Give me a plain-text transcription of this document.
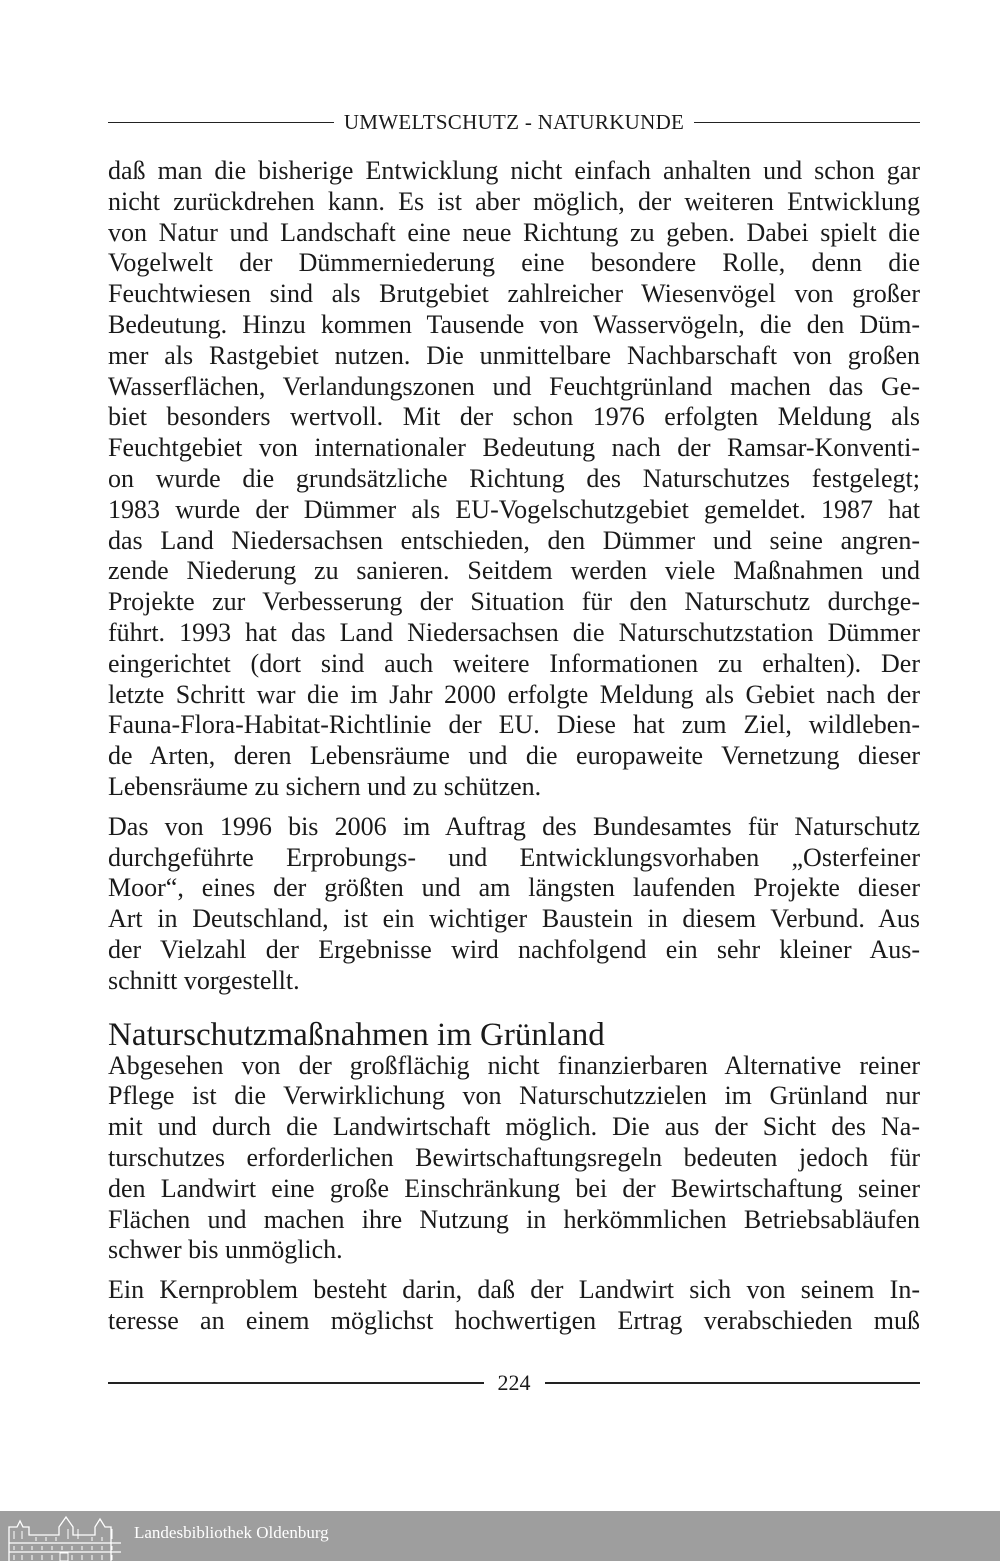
UMWELTSCHUTZ - NATURKUNDE
daß man die bisherige Entwicklung nicht einfach anhalten und schon gar
nicht zurückdrehen kann. Es ist aber möglich, der weiteren Entwicklung
von Natur und Landschaft eine neue Richtung zu geben. Dabei spielt die
Vogelwelt der Dümmerniederung eine besondere Rolle, denn die
Feuchtwiesen sind als Brutgebiet zahlreicher Wiesenvögel von großer
Bedeutung. Hinzu kommen Tausende von Wasservögeln, die den Düm-
mer als Rastgebiet nutzen. Die unmittelbare Nachbarschaft von großen
Wasserflächen, Verlandungszonen und Feuchtgrünland machen das Ge-
biet besonders wertvoll. Mit der schon 1976 erfolgten Meldung als
Feuchtgebiet von internationaler Bedeutung nach der Ramsar-Konventi-
on wurde die grundsätzliche Richtung des Naturschutzes festgelegt;
1983 wurde der Dümmer als EU-Vogelschutzgebiet gemeldet. 1987 hat
das Land Niedersachsen entschieden, den Dümmer und seine angren-
zende Niederung zu sanieren. Seitdem werden viele Maßnahmen und
Projekte zur Verbesserung der Situation für den Naturschutz durchge-
führt. 1993 hat das Land Niedersachsen die Naturschutzstation Dümmer
eingerichtet (dort sind auch weitere Informationen zu erhalten). Der
letzte Schritt war die im Jahr 2000 erfolgte Meldung als Gebiet nach der
Fauna-Flora-Habitat-Richtlinie der EU. Diese hat zum Ziel, wildleben-
de Arten, deren Lebensräume und die europaweite Vernetzung dieser
Lebensräume zu sichern und zu schützen.
Das von 1996 bis 2006 im Auftrag des Bundesamtes für Naturschutz
durchgeführte Erprobungs- und Entwicklungsvorhaben „Osterfeiner
Moor“, eines der größten und am längsten laufenden Projekte dieser
Art in Deutschland, ist ein wichtiger Baustein in diesem Verbund. Aus
der Vielzahl der Ergebnisse wird nachfolgend ein sehr kleiner Aus-
schnitt vorgestellt.
Naturschutzmaßnahmen im Grünland
Abgesehen von der großflächig nicht finanzierbaren Alternative reiner
Pflege ist die Verwirklichung von Naturschutzzielen im Grünland nur
mit und durch die Landwirtschaft möglich. Die aus der Sicht des Na-
turschutzes erforderlichen Bewirtschaftungsregeln bedeuten jedoch für
den Landwirt eine große Einschränkung bei der Bewirtschaftung seiner
Flächen und machen ihre Nutzung in herkömmlichen Betriebsabläufen
schwer bis unmöglich.
Ein Kernproblem besteht darin, daß der Landwirt sich von seinem In-
teresse an einem möglichst hochwertigen Ertrag verabschieden muß
224
Landesbibliothek Oldenburg
